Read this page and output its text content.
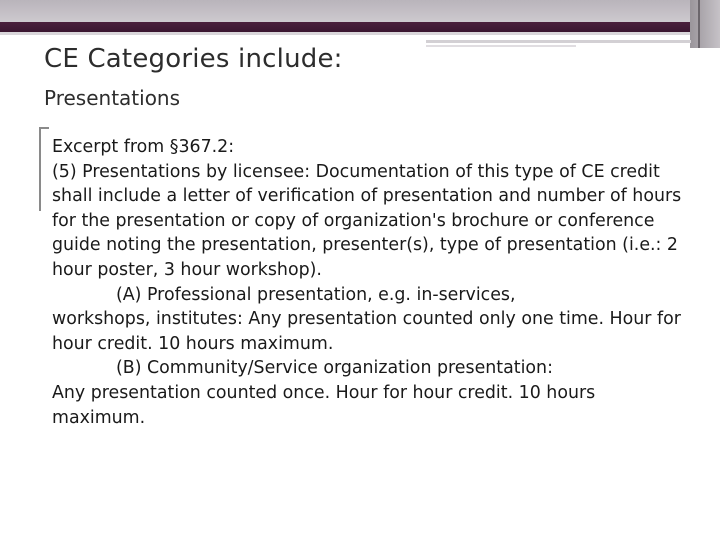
CE Categories include:
Presentations

Excerpt from §367.2:

(5) Presentations by licensee: Documentation of this type of CE credit shall include a letter of verification of presentation and number of hours for the presentation or copy of organization's brochure or conference guide noting the presentation, presenter(s), type of presentation (i.e.: 2 hour poster, 3 hour workshop).

(A) Professional presentation, e.g. in-services,

workshops, institutes: Any presentation counted only one time. Hour for hour credit. 10 hours maximum.

(B) Community/Service organization presentation:

Any presentation counted once. Hour for hour credit. 10 hours maximum.
